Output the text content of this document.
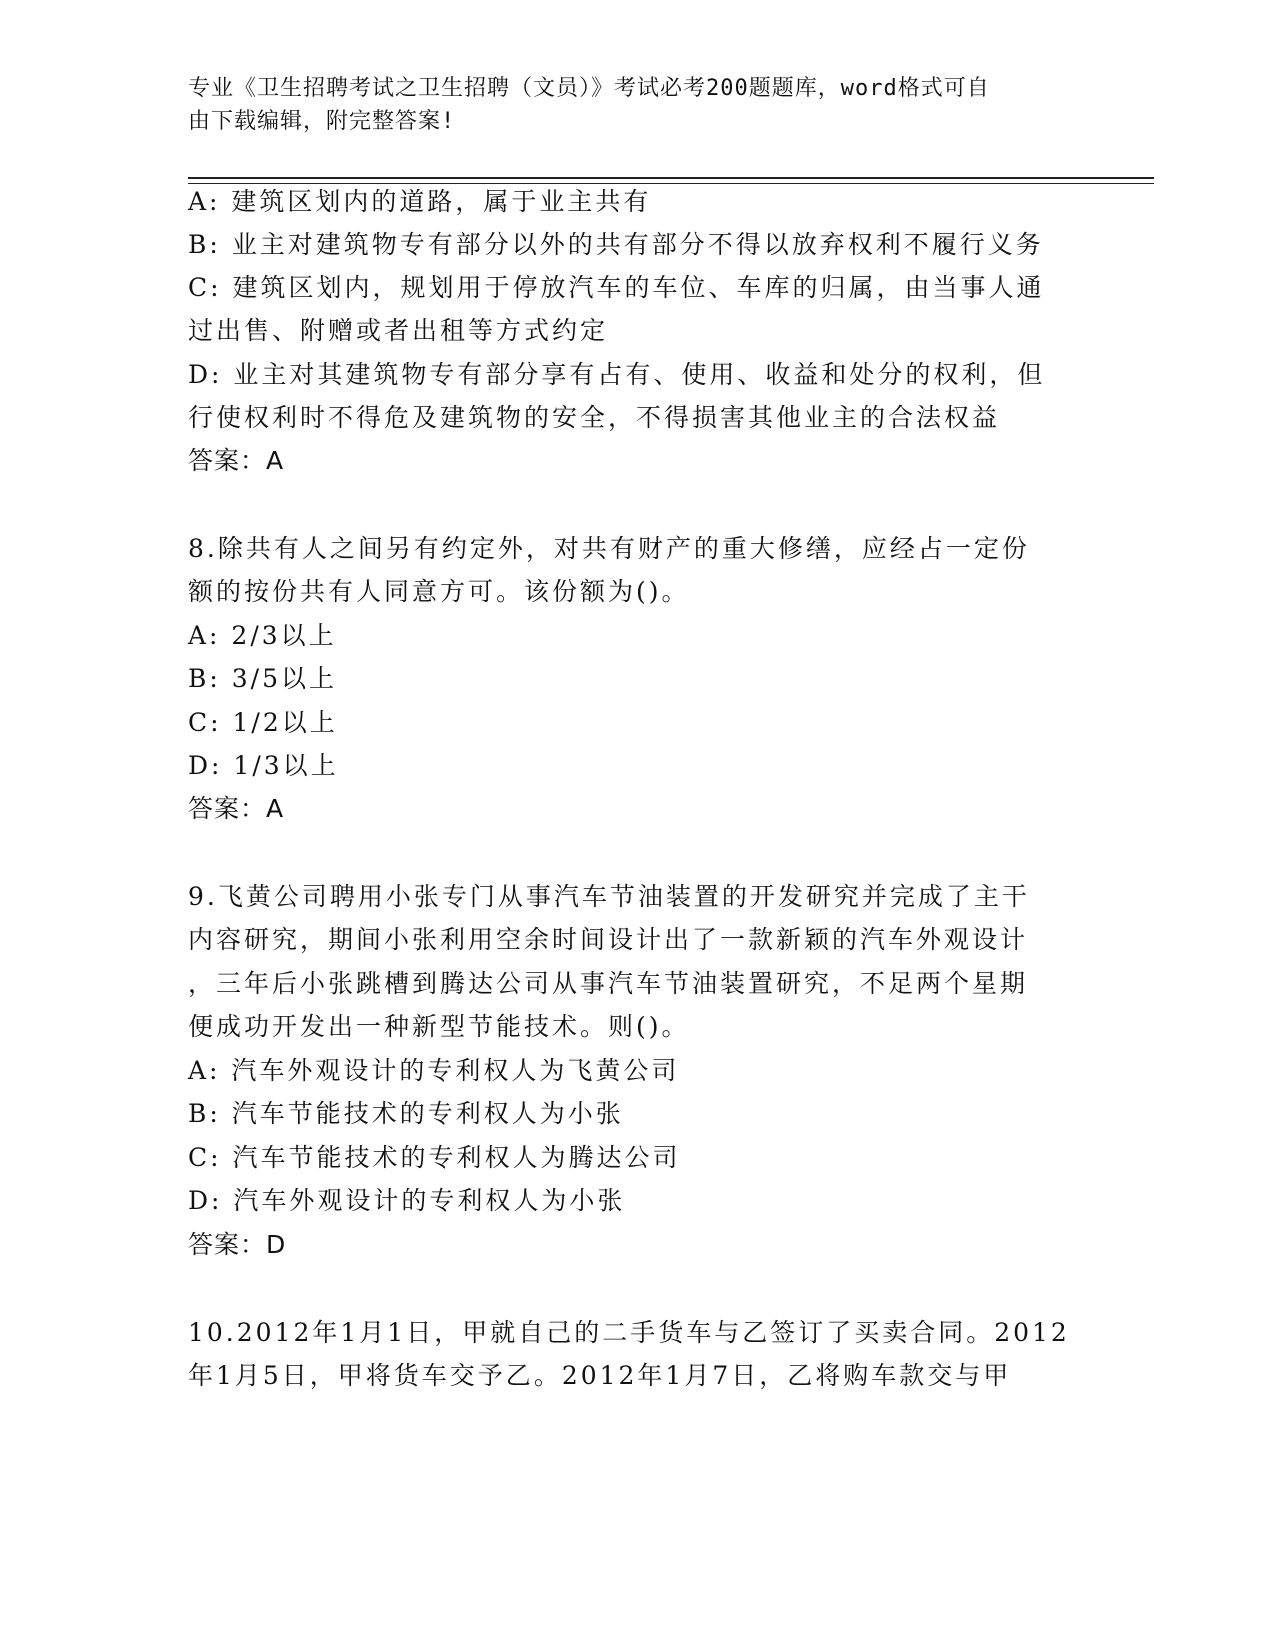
专业《卫生招聘考试之卫生招聘（文员）》考试必考200题题库，word格式可自
由下载编辑，附完整答案!
A: 建筑区划内的道路，属于业主共有
B: 业主对建筑物专有部分以外的共有部分不得以放弃权利不履行义务
C: 建筑区划内，规划用于停放汽车的车位、车库的归属，由当事人通
过出售、附赠或者出租等方式约定
D: 业主对其建筑物专有部分享有占有、使用、收益和处分的权利，但
行使权利时不得危及建筑物的安全，不得损害其他业主的合法权益
答案：A
8.除共有人之间另有约定外，对共有财产的重大修缮，应经占一定份
额的按份共有人同意方可。该份额为()。
A: 2/3以上
B: 3/5以上
C: 1/2以上
D: 1/3以上
答案：A
9.飞黄公司聘用小张专门从事汽车节油装置的开发研究并完成了主干
内容研究，期间小张利用空余时间设计出了一款新颖的汽车外观设计
，三年后小张跳槽到腾达公司从事汽车节油装置研究，不足两个星期
便成功开发出一种新型节能技术。则()。
A: 汽车外观设计的专利权人为飞黄公司
B: 汽车节能技术的专利权人为小张
C: 汽车节能技术的专利权人为腾达公司
D: 汽车外观设计的专利权人为小张
答案：D
10.2012年1月1日，甲就自己的二手货车与乙签订了买卖合同。2012
年1月5日，甲将货车交予乙。2012年1月7日，乙将购车款交与甲
